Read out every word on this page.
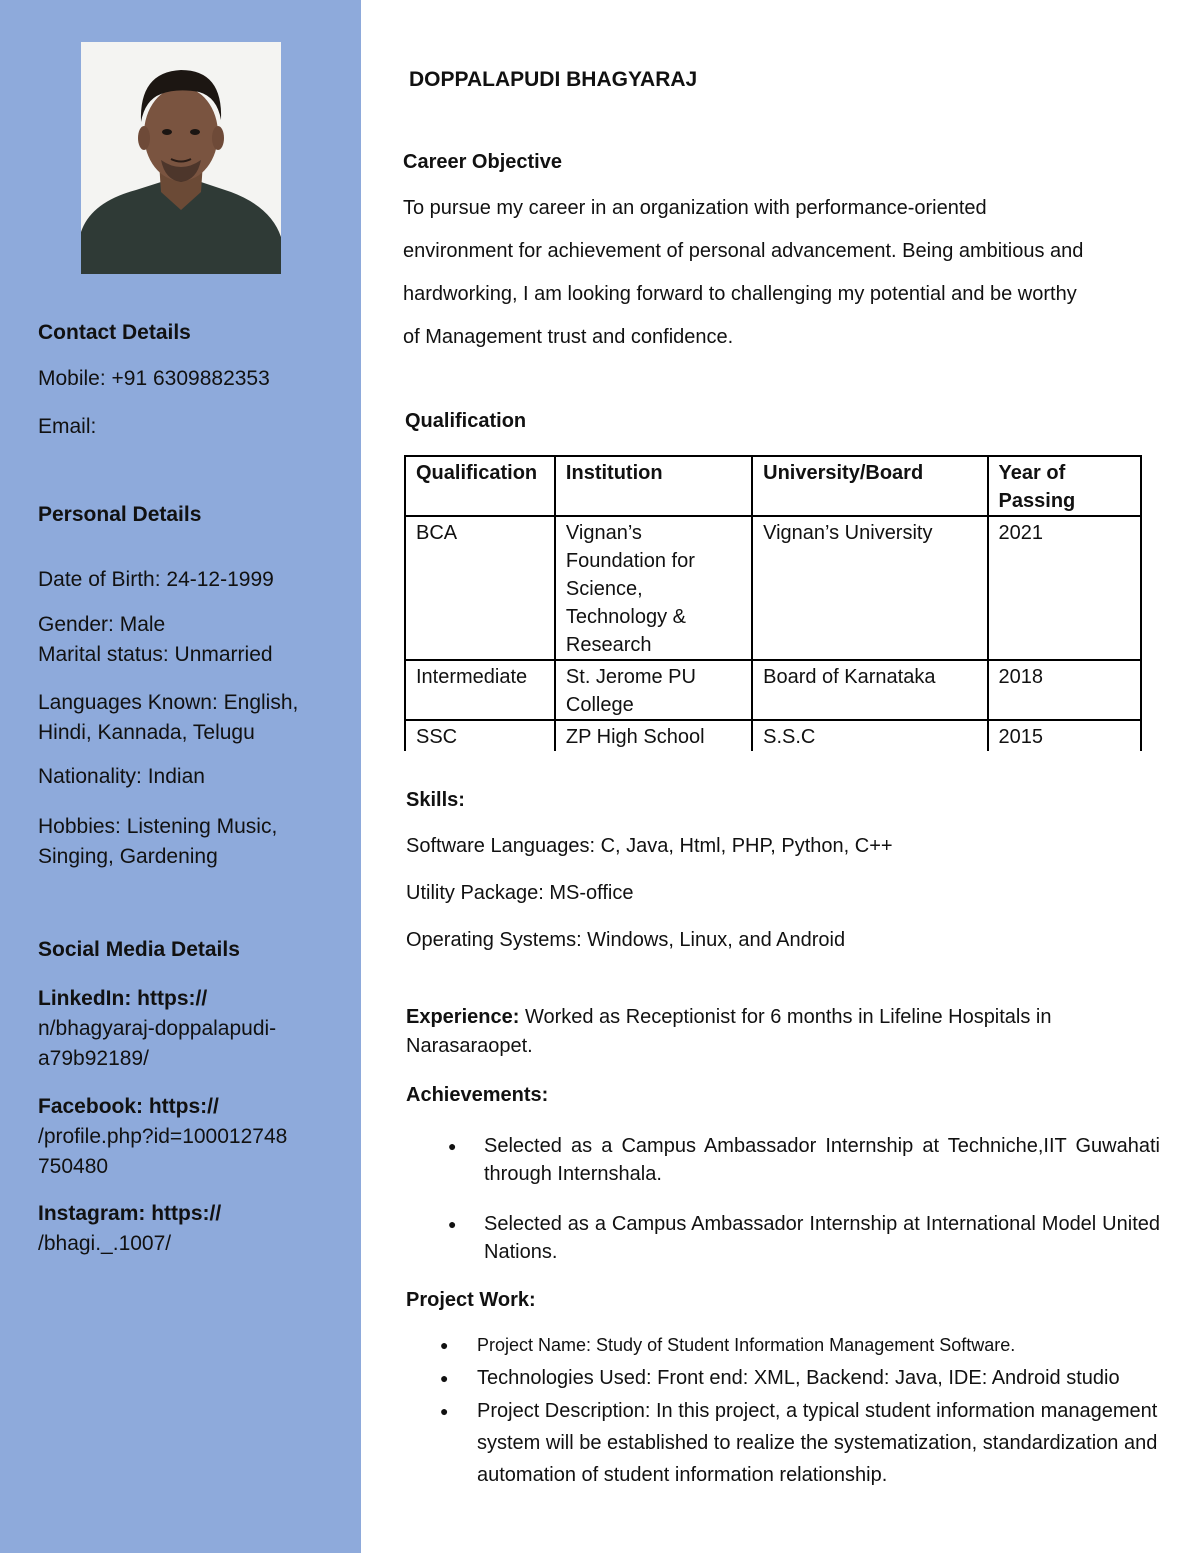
Contact Details

Mobile: +91 6309882353

Email:

Personal Details

Date of Birth: 24-12-1999

Gender: Male

Marital status: Unmarried

Languages Known: English,

Hindi, Kannada, Telugu

Nationality: Indian

Hobbies: Listening Music,

Singing, Gardening

Social Media Details

LinkedIn: https://

n/bhagyaraj-doppalapudi-

a79b92189/

Facebook: https://

/profile.php?id=100012748

750480

Instagram: https://

/bhagi._.1007/

DOPPALAPUDI BHAGYARAJ

Career Objective

To pursue my career in an organization with performance-oriented

environment for achievement of personal advancement. Being ambitious and

hardworking, I am looking forward to challenging my potential and be worthy

of Management trust and confidence.

Qualification

Qualification	Institution	University/Board	Year of Passing
BCA	Vignan’s Foundation for Science, Technology & Research	Vignan’s University	2021
Intermediate	St. Jerome PU College	Board of Karnataka	2018
SSC	ZP High School	S.S.C	2015

Skills:

Software Languages: C, Java, Html, PHP, Python, C++

Utility Package: MS-office

Operating Systems: Windows, Linux, and Android

Experience: Worked as Receptionist for 6 months in Lifeline Hospitals in

Narasaraopet.

Achievements:

● Selected as a Campus Ambassador Internship at Techniche,IIT Guwahati through Internshala.
● Selected as a Campus Ambassador Internship at International Model United Nations.

Project Work:

● Project Name: Study of Student Information Management Software.
● Technologies Used: Front end: XML, Backend: Java, IDE: Android studio
● Project Description: In this project, a typical student information management system will be established to realize the systematization, standardization and automation of student information relationship.
